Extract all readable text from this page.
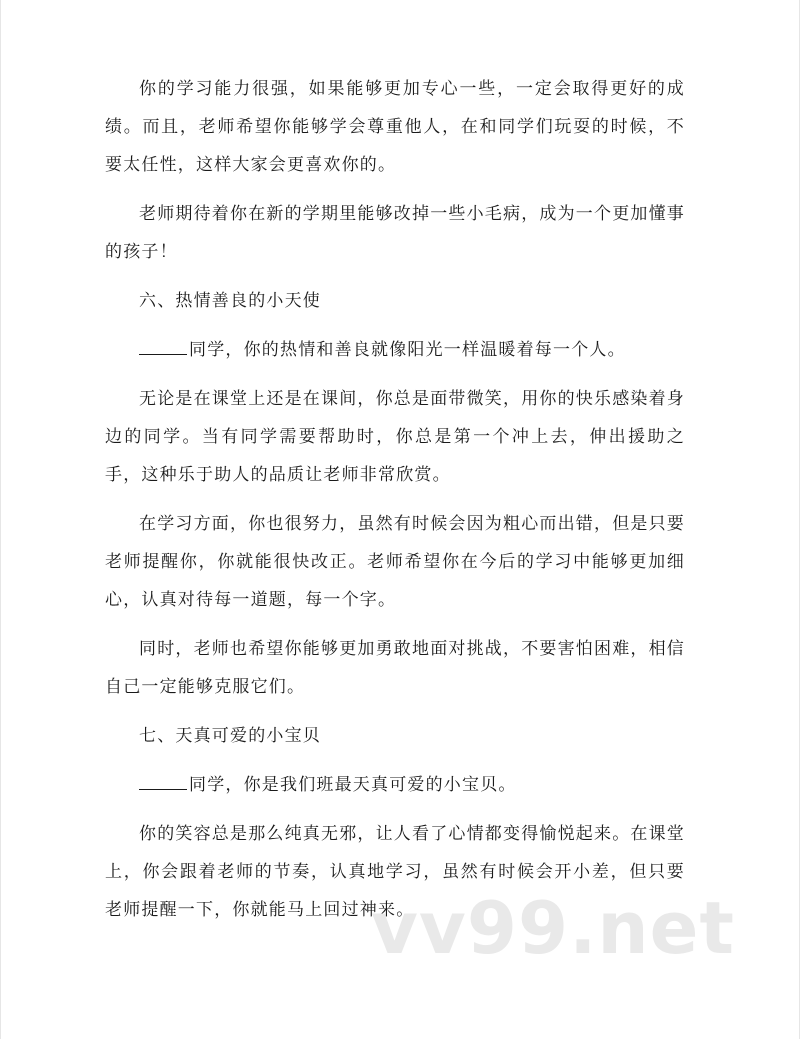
你的学习能力很强，如果能够更加专心一些，一定会取得更好的成绩。而且，老师希望你能够学会尊重他人，在和同学们玩耍的时候，不要太任性，这样大家会更喜欢你的。

老师期待着你在新的学期里能够改掉一些小毛病，成为一个更加懂事的孩子！

六、热情善良的小天使

同学，你的热情和善良就像阳光一样温暖着每一个人。

无论是在课堂上还是在课间，你总是面带微笑，用你的快乐感染着身边的同学。当有同学需要帮助时，你总是第一个冲上去，伸出援助之手，这种乐于助人的品质让老师非常欣赏。

在学习方面，你也很努力，虽然有时候会因为粗心而出错，但是只要老师提醒你，你就能很快改正。老师希望你在今后的学习中能够更加细心，认真对待每一道题，每一个字。

同时，老师也希望你能够更加勇敢地面对挑战，不要害怕困难，相信自己一定能够克服它们。

七、天真可爱的小宝贝

同学，你是我们班最天真可爱的小宝贝。

你的笑容总是那么纯真无邪，让人看了心情都变得愉悦起来。在课堂上，你会跟着老师的节奏，认真地学习，虽然有时候会开小差，但只要老师提醒一下，你就能马上回过神来。

vv99.net
